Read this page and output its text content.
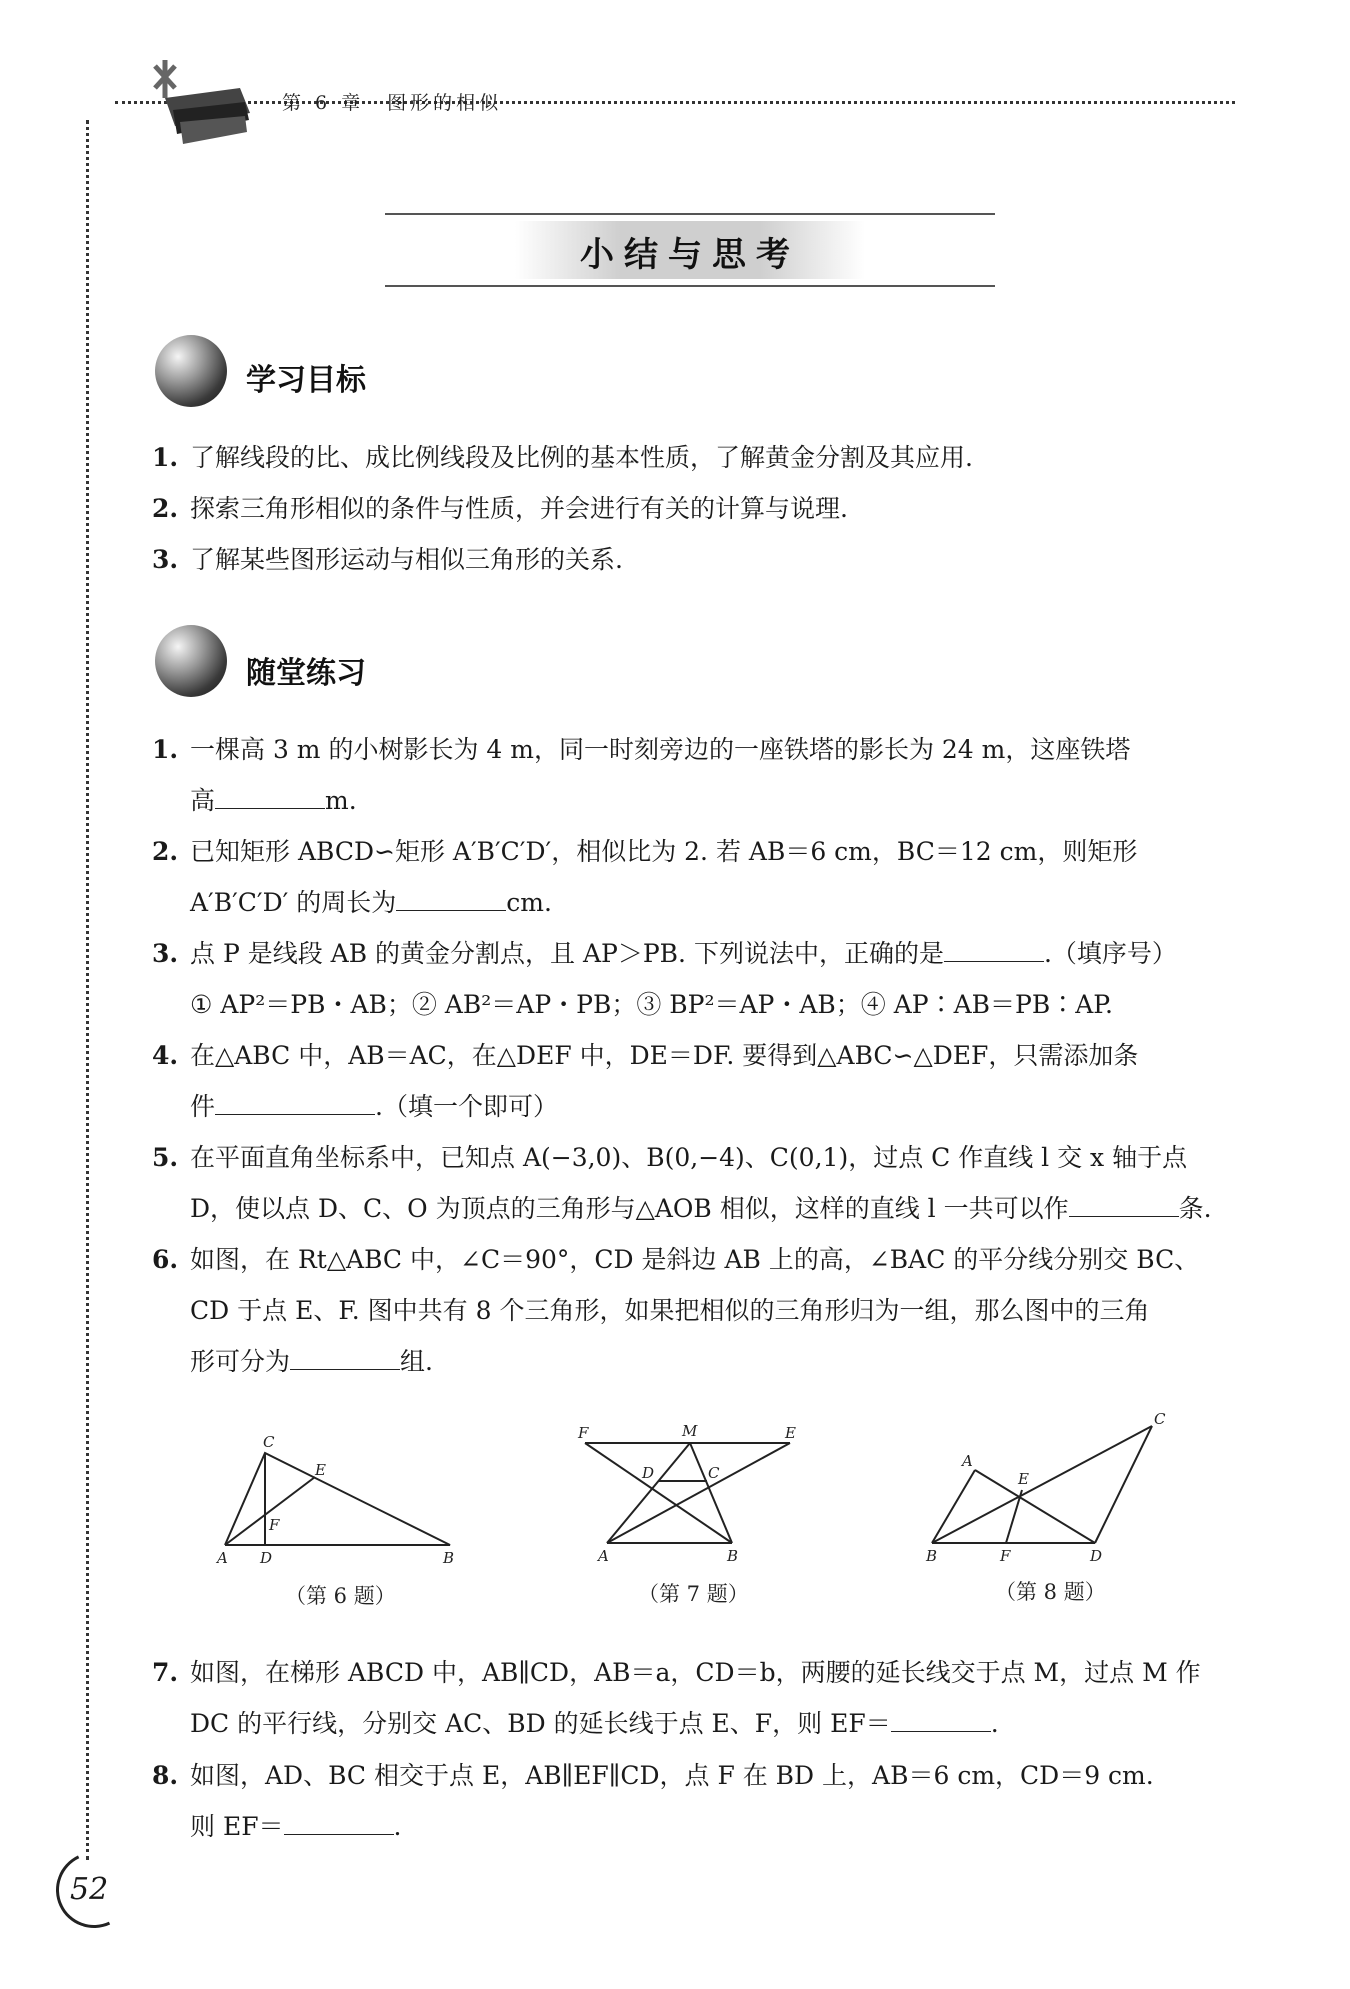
第 6 章　图形的相似
小结与思考
学习目标
1. 了解线段的比、成比例线段及比例的基本性质，了解黄金分割及其应用.
2. 探索三角形相似的条件与性质，并会进行有关的计算与说理.
3. 了解某些图形运动与相似三角形的关系.
随堂练习
1. 一棵高 3 m 的小树影长为 4 m，同一时刻旁边的一座铁塔的影长为 24 m，这座铁塔
高	m.
2. 已知矩形 ABCD∽矩形 A′B′C′D′，相似比为 2. 若 AB＝6 cm，BC＝12 cm，则矩形
A′B′C′D′ 的周长为	cm.
3. 点 P 是线段 AB 的黄金分割点，且 AP＞PB. 下列说法中，正确的是	.（填序号）
① AP²＝PB・AB；② AB²＝AP・PB；③ BP²＝AP・AB；④ AP∶AB＝PB∶AP.
4. 在△ABC 中，AB＝AC，在△DEF 中，DE＝DF. 要得到△ABC∽△DEF，只需添加条
件	.（填一个即可）
5. 在平面直角坐标系中，已知点 A(−3,0)、B(0,−4)、C(0,1)，过点 C 作直线 l 交 x 轴于点
D，使以点 D、C、O 为顶点的三角形与△AOB 相似，这样的直线 l 一共可以作	条.
6. 如图，在 Rt△ABC 中，∠C＝90°，CD 是斜边 AB 上的高，∠BAC 的平分线分别交 BC、
CD 于点 E、F. 图中共有 8 个三角形，如果把相似的三角形归为一组，那么图中的三角
形可分为	组.
C
E
F
A D	B
（第 6 题）
F	M	E
D	C
A	B
（第 7 题）
A
C
E
B	F	D
（第 8 题）
7. 如图，在梯形 ABCD 中，AB∥CD，AB＝a，CD＝b，两腰的延长线交于点 M，过点 M 作
DC 的平行线，分别交 AC、BD 的延长线于点 E、F，则 EF＝	.
8. 如图，AD、BC 相交于点 E，AB∥EF∥CD，点 F 在 BD 上，AB＝6 cm，CD＝9 cm.
则 EF＝	.
52
